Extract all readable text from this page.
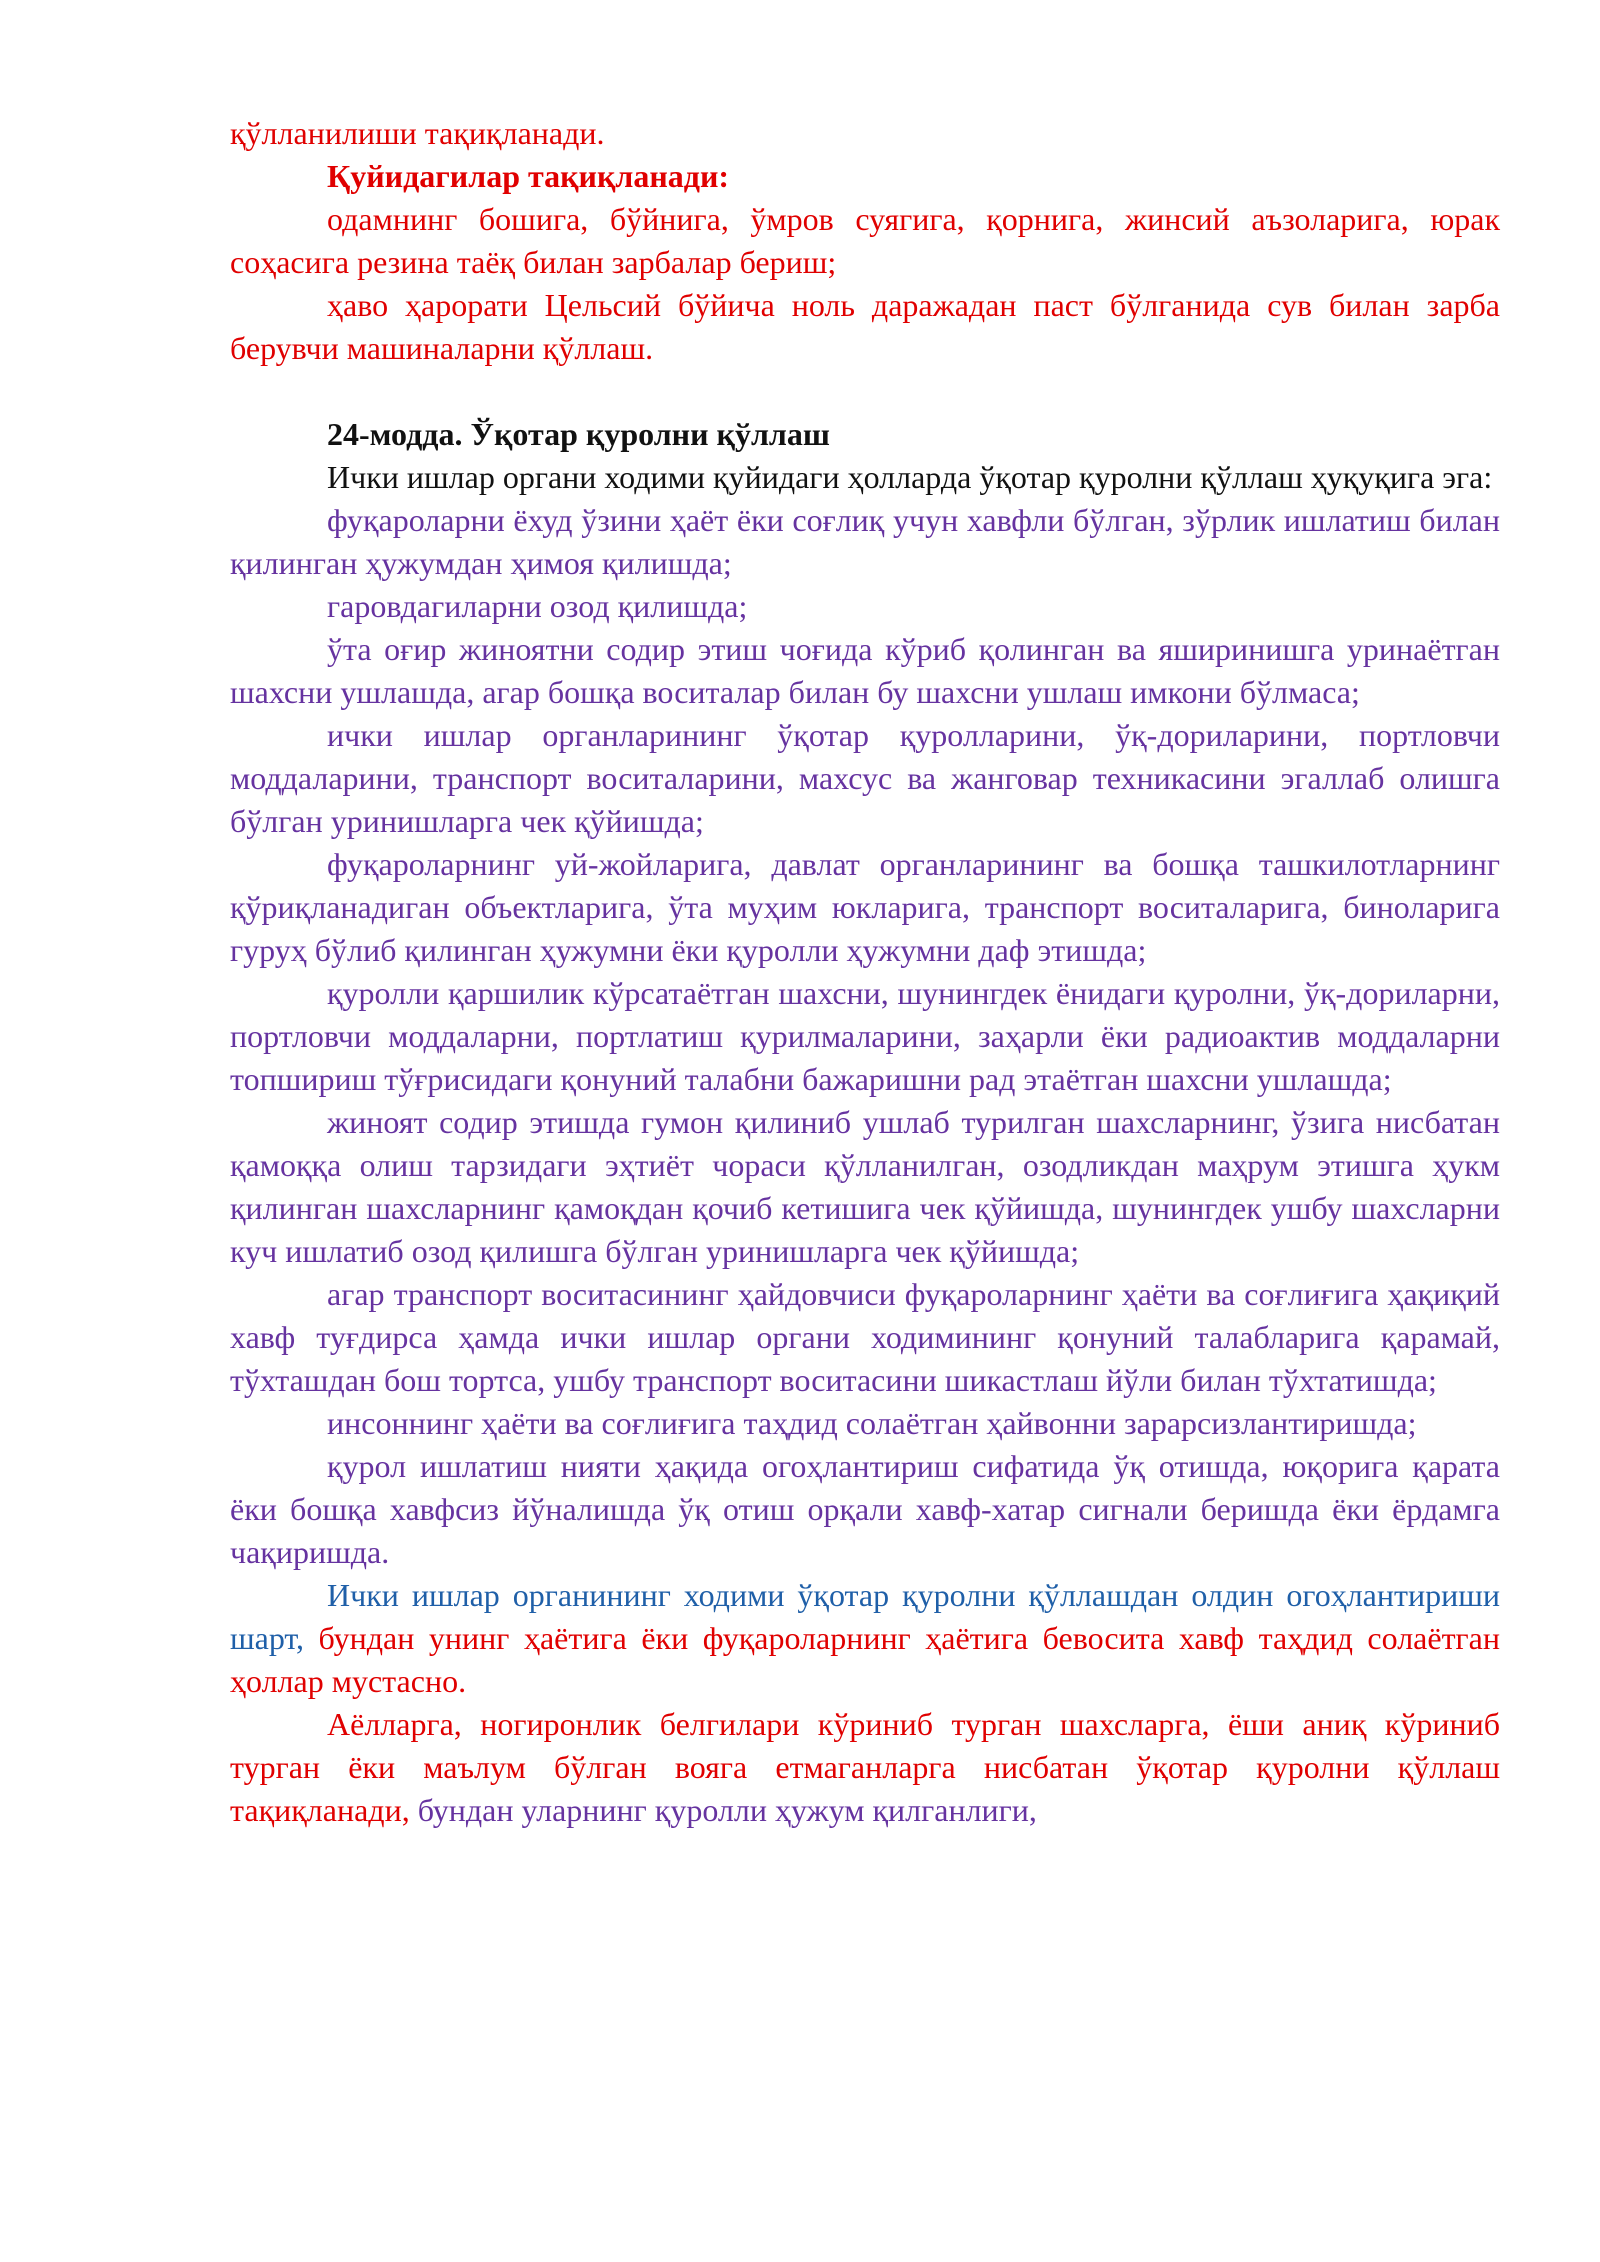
қўлланилиши тақиқланади.

Қуйидагилар тақиқланади:

одамнинг бошига, бўйнига, ўмров суягига, қорнига, жинсий аъзоларига, юрак соҳасига резина таёқ билан зарбалар бериш;

ҳаво ҳарорати Цельсий бўйича ноль даражадан паст бўлганида сув билан зарба берувчи машиналарни қўллаш.

24-модда. Ўқотар қуролни қўллаш

Ички ишлар органи ходими қуйидаги ҳолларда ўқотар қуролни қўллаш ҳуқуқига эга:

фуқароларни ёхуд ўзини ҳаёт ёки соғлиқ учун хавфли бўлган, зўрлик ишлатиш билан қилинган ҳужумдан ҳимоя қилишда;

гаровдагиларни озод қилишда;

ўта оғир жиноятни содир этиш чоғида кўриб қолинган ва яширинишга уринаётган шахсни ушлашда, агар бошқа воситалар билан бу шахсни ушлаш имкони бўлмаса;

ички ишлар органларининг ўқотар қуролларини, ўқ-дориларини, портловчи моддаларини, транспорт воситаларини, махсус ва жанговар техникасини эгаллаб олишга бўлган уринишларга чек қўйишда;

фуқароларнинг уй-жойларига, давлат органларининг ва бошқа ташкилотларнинг қўриқланадиган объектларига, ўта муҳим юкларига, транспорт воситаларига, биноларига гуруҳ бўлиб қилинган ҳужумни ёки қуролли ҳужумни даф этишда;

қуролли қаршилик кўрсатаётган шахсни, шунингдек ёнидаги қуролни, ўқ-дориларни, портловчи моддаларни, портлатиш қурилмаларини, заҳарли ёки радиоактив моддаларни топшириш тўғрисидаги қонуний талабни бажаришни рад этаётган шахсни ушлашда;

жиноят содир этишда гумон қилиниб ушлаб турилган шахсларнинг, ўзига нисбатан қамоққа олиш тарзидаги эҳтиёт чораси қўлланилган, озодликдан маҳрум этишга ҳукм қилинган шахсларнинг қамоқдан қочиб кетишига чек қўйишда, шунингдек ушбу шахсларни куч ишлатиб озод қилишга бўлган уринишларга чек қўйишда;

агар транспорт воситасининг ҳайдовчиси фуқароларнинг ҳаёти ва соғлиғига ҳақиқий хавф туғдирса ҳамда ички ишлар органи ходимининг қонуний талабларига қарамай, тўхташдан бош тортса, ушбу транспорт воситасини шикастлаш йўли билан тўхтатишда;

инсоннинг ҳаёти ва соғлиғига таҳдид солаётган ҳайвонни зарарсизлантиришда;

қурол ишлатиш нияти ҳақида огоҳлантириш сифатида ўқ отишда, юқорига қарата ёки бошқа хавфсиз йўналишда ўқ отиш орқали хавф-хатар сигнали беришда ёки ёрдамга чақиришда.

Ички ишлар органининг ходими ўқотар қуролни қўллашдан олдин огоҳлантириши шарт, бундан унинг ҳаётига ёки фуқароларнинг ҳаётига бевосита хавф таҳдид солаётган ҳоллар мустасно.

Аёлларга, ногиронлик белгилари кўриниб турган шахсларга, ёши аниқ кўриниб турган ёки маълум бўлган вояга етмаганларга нисбатан ўқотар қуролни қўллаш тақиқланади, бундан уларнинг қуролли ҳужум қилганлиги,
